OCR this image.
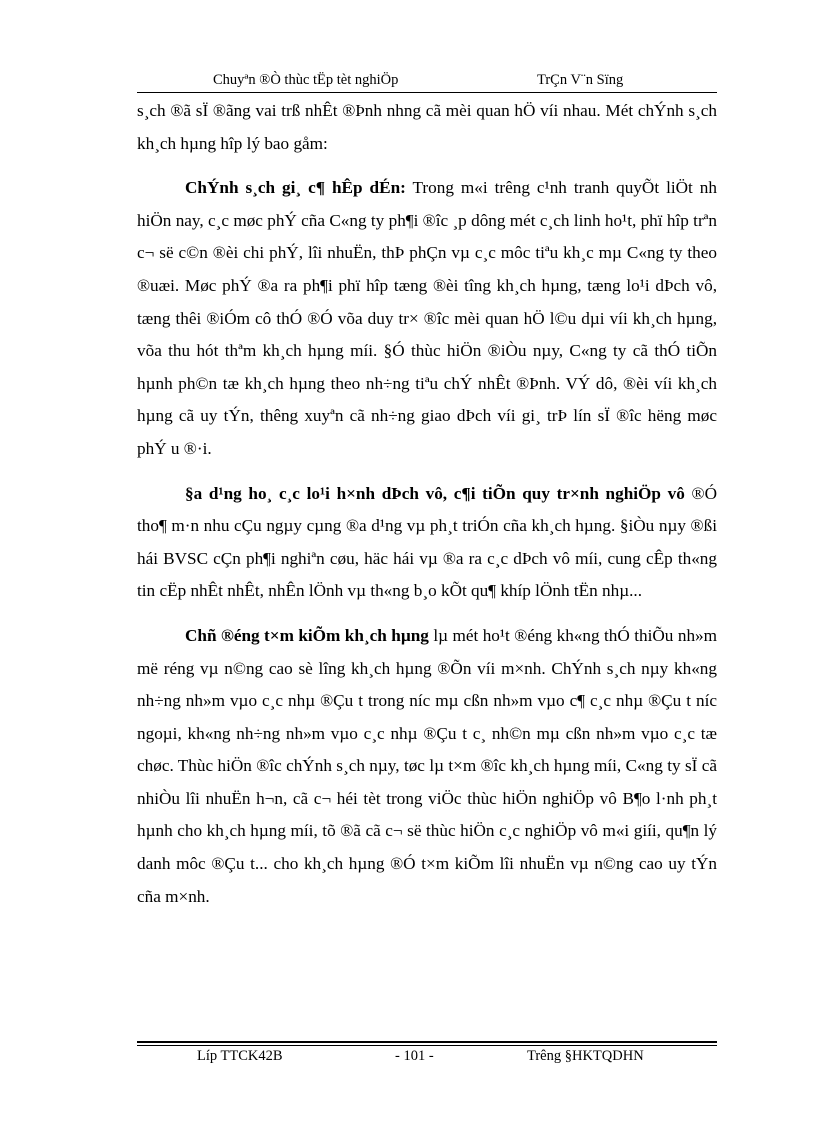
Chuyªn ®Ò thùc tËp tèt nghiÖp	TrÇn V¨n Sïng

s¸ch ®ã sÏ ®ãng vai trß nhÊt ®Þnh nhng cã mèi quan hÖ víi nhau. Mét chÝnh s¸ch kh¸ch hµng hîp lý bao gåm:

ChÝnh s¸ch gi¸ c¶ hÊp dÉn: Trong m«i trêng c¹nh tranh quyÕt liÖt nh hiÖn nay, c¸c møc phÝ cña C«ng ty ph¶i ®îc ¸p dông mét c¸ch linh ho¹t, phï hîp trªn c¬ së c©n ®èi chi phÝ, lîi nhuËn, thÞ phÇn vµ c¸c môc tiªu kh¸c mµ C«ng ty theo ®uæi. Møc phÝ ®a ra ph¶i phï hîp tæng ®èi tîng kh¸ch hµng, tæng lo¹i dÞch vô, tæng thêi ®iÓm cô thÓ ®Ó võa duy tr× ®îc mèi quan hÖ l©u dµi víi kh¸ch hµng, võa thu hót thªm kh¸ch hµng míi. §Ó thùc hiÖn ®iÒu nµy, C«ng ty cã thÓ tiÕn hµnh ph©n tæ kh¸ch hµng theo nh÷ng tiªu chÝ nhÊt ®Þnh. VÝ dô, ®èi víi kh¸ch hµng cã uy tÝn, thêng xuyªn cã nh÷ng giao dÞch víi gi¸ trÞ lín sÏ ®îc hëng møc phÝ u ®·i.

§a d¹ng ho¸ c¸c lo¹i h×nh dÞch vô, c¶i tiÕn quy tr×nh nghiÖp vô ®Ó tho¶ m·n nhu cÇu ngµy cµng ®a d¹ng vµ ph¸t triÓn cña kh¸ch hµng. §iÒu nµy ®ßi hái BVSC cÇn ph¶i nghiªn cøu, häc hái vµ ®a ra c¸c dÞch vô míi, cung cÊp th«ng tin cËp nhÊt nhÊt, nhÊn lÖnh vµ th«ng b¸o kÕt qu¶ khíp lÖnh tËn nhµ...

Chñ ®éng t×m kiÕm kh¸ch hµng lµ mét ho¹t ®éng kh«ng thÓ thiÕu nh»m më réng vµ n©ng cao sè lîng kh¸ch hµng ®Õn víi m×nh. ChÝnh s¸ch nµy kh«ng nh÷ng nh»m vµo c¸c nhµ ®Çu t trong níc mµ cßn nh»m vµo c¶ c¸c nhµ ®Çu t níc ngoµi, kh«ng nh÷ng nh»m vµo c¸c nhµ ®Çu t c¸ nh©n mµ cßn nh»m vµo c¸c tæ chøc. Thùc hiÖn ®îc chÝnh s¸ch nµy, tøc lµ t×m ®îc kh¸ch hµng míi, C«ng ty sÏ cã nhiÒu lîi nhuËn h¬n, cã c¬ héi tèt trong viÖc thùc hiÖn nghiÖp vô B¶o l·nh ph¸t hµnh cho kh¸ch hµng míi, tõ ®ã cã c¬ së thùc hiÖn c¸c nghiÖp vô m«i giíi, qu¶n lý danh môc ®Çu t... cho kh¸ch hµng ®Ó t×m kiÕm lîi nhuËn vµ n©ng cao uy tÝn cña m×nh.

Líp TTCK42B	- 101 -	Trêng §HKTQDHN
